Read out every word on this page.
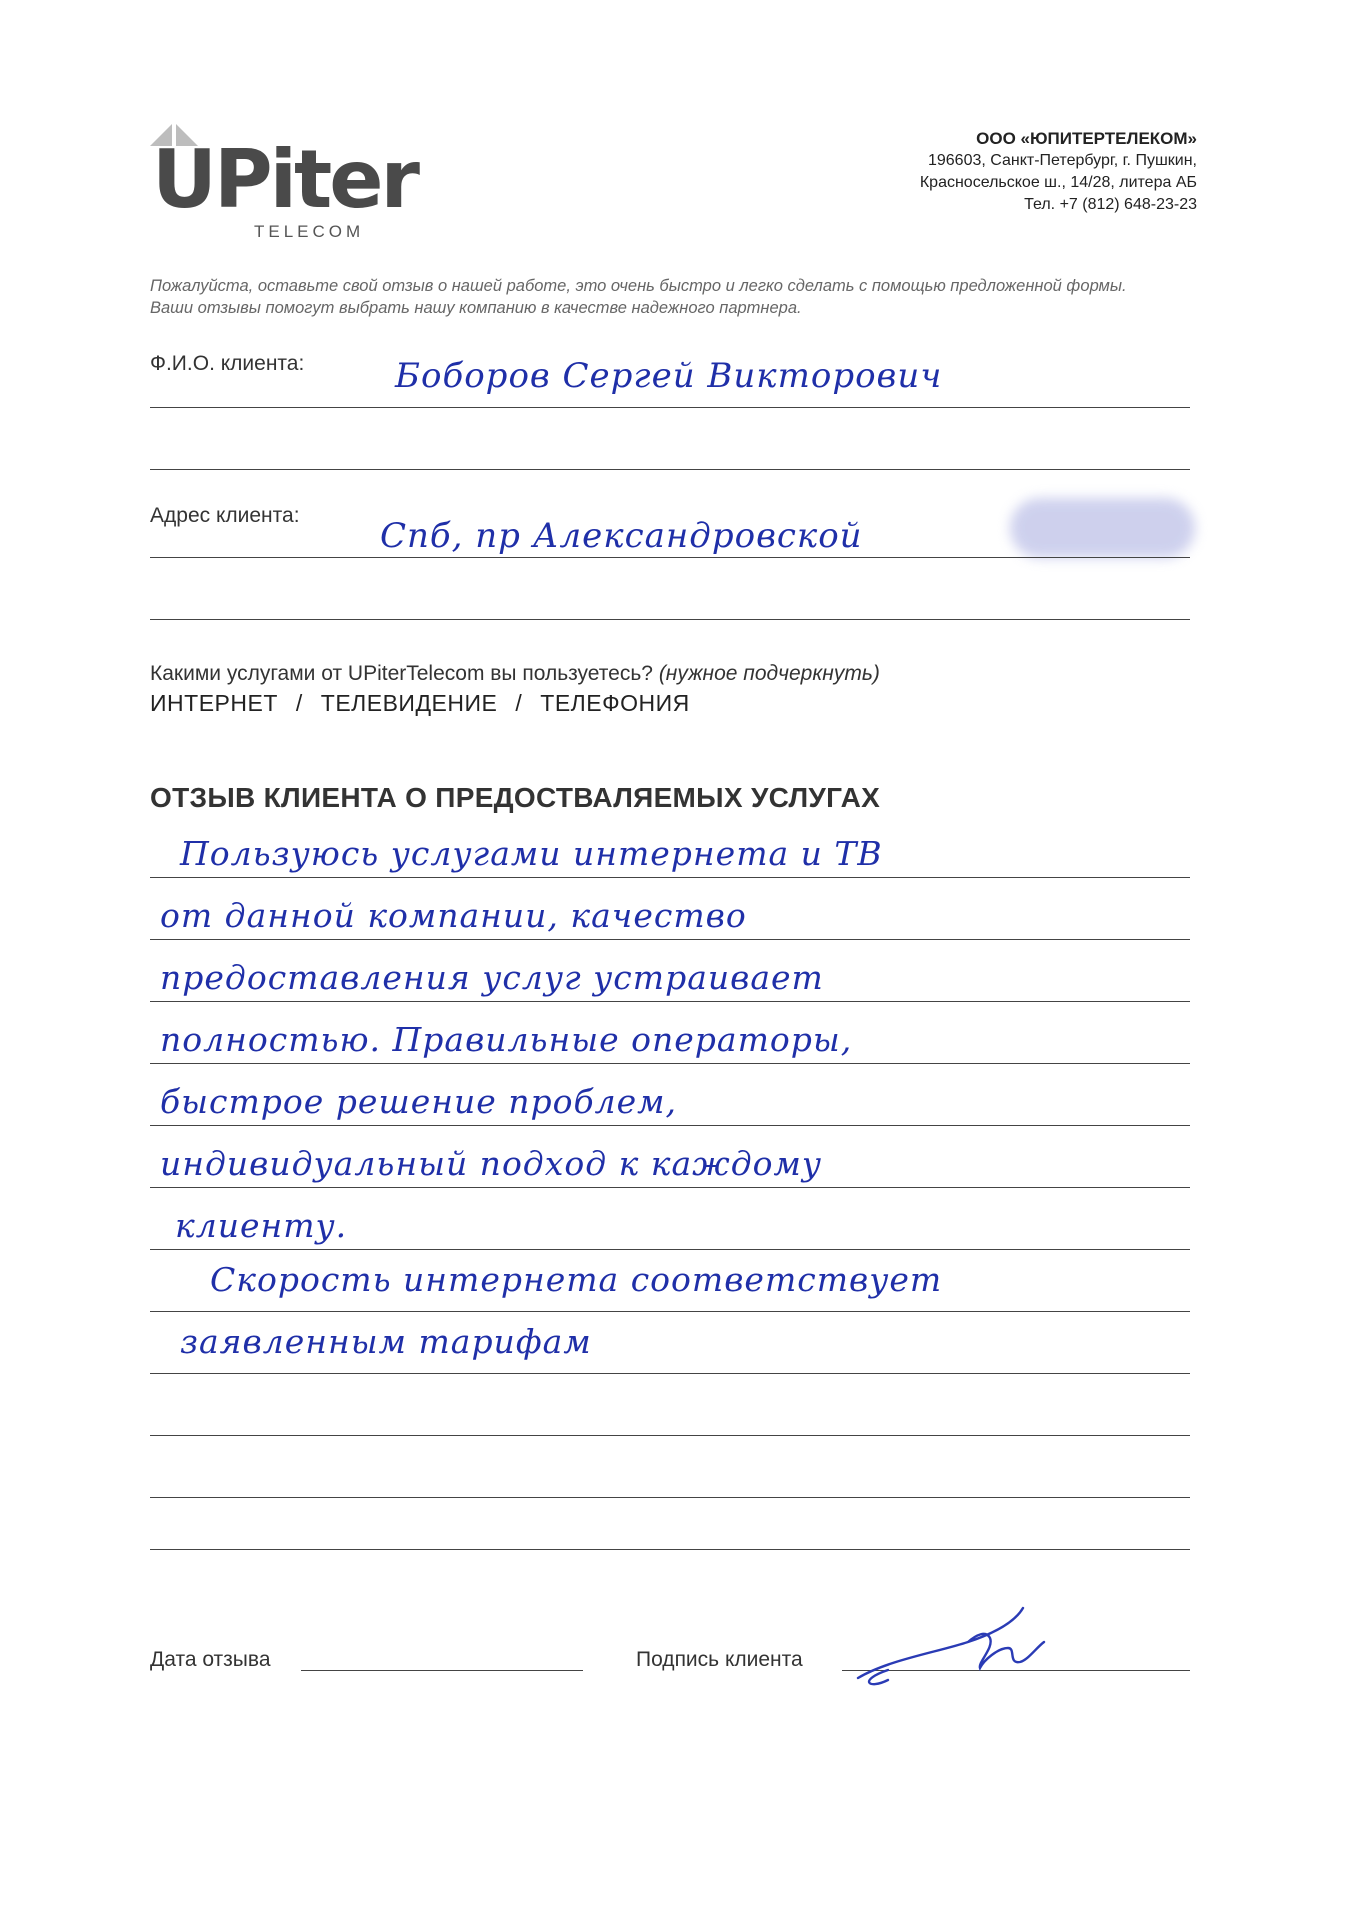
UPiter
TELECOM
ООО «ЮПИТЕРТЕЛЕКОМ»
196603, Санкт-Петербург, г. Пушкин,
Красносельское ш., 14/28, литера АБ
Тел. +7 (812) 648-23-23
Пожалуйста, оставьте свой отзыв о нашей работе, это очень быстро и легко сделать с помощью предложенной формы. Ваши отзывы помогут выбрать нашу компанию в качестве надежного партнера.
Ф.И.О. клиента:	Боборов Сергей Викторович
Адрес клиента:
Спб, пр Александровской
Какими услугами от UPiterTelecom вы пользуетесь? (нужное подчеркнуть)
ИНТЕРНЕТ / ТЕЛЕВИДЕНИЕ / ТЕЛЕФОНИЯ
ОТЗЫВ КЛИЕНТА О ПРЕДОСТВАЛЯЕМЫХ УСЛУГАХ
Пользуюсь услугами интернета и ТВ
от данной компании, качество
предоставления услуг устраивает
полностью. Правильные операторы,
быстрое решение проблем,
индивидуальный подход к каждому
клиенту.
Скорость интернета соответствует
заявленным тарифам
Дата отзыва	Подпись клиента
